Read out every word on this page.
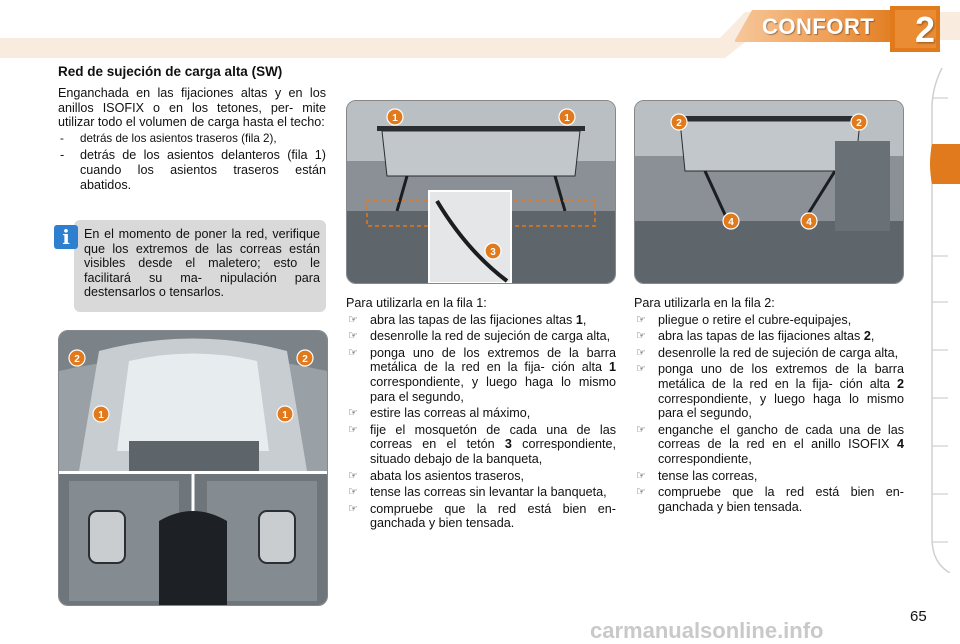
CONFORT 2
Red de sujeción de carga alta (SW)

Enganchada en las fijaciones altas y en los anillos ISOFIX o en los tetones, per- mite utilizar todo el volumen de carga hasta el techo:

- detrás de los asientos traseros (fila 2),
- detrás de los asientos delanteros (fila 1) cuando los asientos traseros están abatidos.
i	En el momento de poner la red, verifique que los extremos de las correas están visibles desde el maletero; esto le facilitará su ma- nipulación para destensarlos o tensarlos.
2	2
1	1
1	1
3
2	2
4	4

Para utilizarla en la fila 1:

☞ abra las tapas de las fijaciones altas 1,
☞ desenrolle la red de sujeción de carga alta,
☞ ponga uno de los extremos de la barra metálica de la red en la fija- ción alta 1 correspondiente, y luego haga lo mismo para el segundo,
☞ estire las correas al máximo,
☞ fije el mosquetón de cada una de las correas en el tetón 3 correspondiente, situado debajo de la banqueta,
☞ abata los asientos traseros,
☞ tense las correas sin levantar la banqueta,
☞ compruebe que la red está bien en- ganchada y bien tensada.

Para utilizarla en la fila 2:

☞ pliegue o retire el cubre-equipajes,
☞ abra las tapas de las fijaciones altas 2,
☞ desenrolle la red de sujeción de carga alta,
☞ ponga uno de los extremos de la barra metálica de la red en la fija- ción alta 2 correspondiente, y luego haga lo mismo para el segundo,
☞ enganche el gancho de cada una de las correas de la red en el anillo ISOFIX 4 correspondiente,
☞ tense las correas,
☞ compruebe que la red está bien en- ganchada y bien tensada.
carmanualsonline.info
65
